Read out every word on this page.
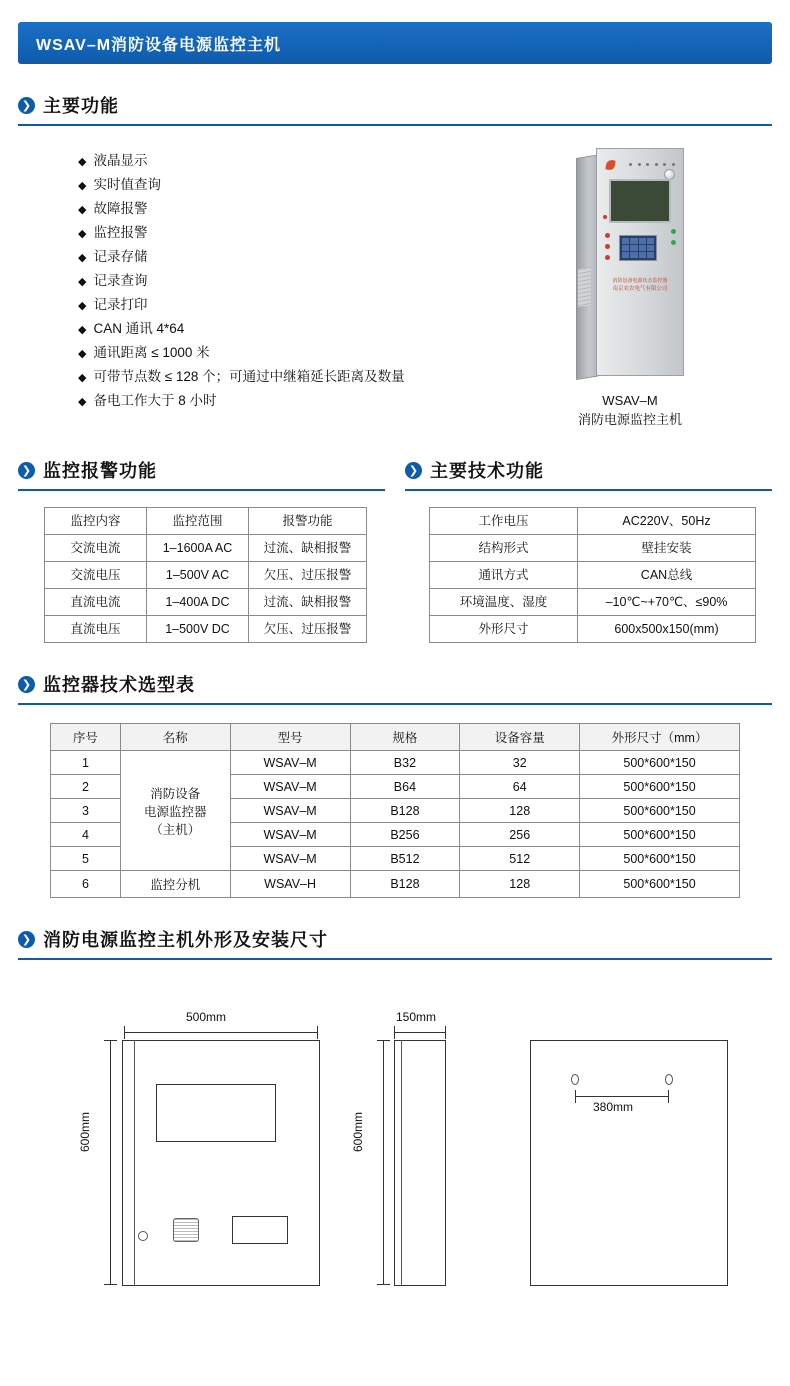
WSAV–M消防设备电源监控主机
❯ 主要功能
◆ 液晶显示
◆ 实时值查询
◆ 故障报警
◆ 监控报警
◆ 记录存储
◆ 记录查询
◆ 记录打印
◆ CAN 通讯 4*64
◆ 通讯距离 ≤ 1000 米
◆ 可带节点数 ≤ 128 个；可通过中继箱延长距离及数量
◆ 备电工作大于 8 小时
消防设备电源状态监控器
南京农农电气有限公司
WSAV–M
消防电源监控主机
❯ 监控报警功能
监控内容	监控范围	报警功能
交流电流	1–1600A AC	过流、缺相报警
交流电压	1–500V AC	欠压、过压报警
直流电流	1–400A DC	过流、缺相报警
直流电压	1–500V DC	欠压、过压报警
❯ 主要技术功能
工作电压	AC220V、50Hz
结构形式	壁挂安装
通讯方式	CAN总线
环境温度、湿度	–10℃~+70℃、≤90%
外形尺寸	600x500x150(mm)
❯ 监控器技术选型表
序号	名称	型号	规格	设备容量	外形尺寸（mm）
1	消防设备
电源监控器
（主机）	WSAV–M	B32	32	500*600*150
2		WSAV–M	B64	64	500*600*150
3		WSAV–M	B128	128	500*600*150
4		WSAV–M	B256	256	500*600*150
5		WSAV–M	B512	512	500*600*150
6	监控分机	WSAV–H	B128	128	500*600*150
❯ 消防电源监控主机外形及安装尺寸
500mm
600mm
150mm
600mm
380mm
